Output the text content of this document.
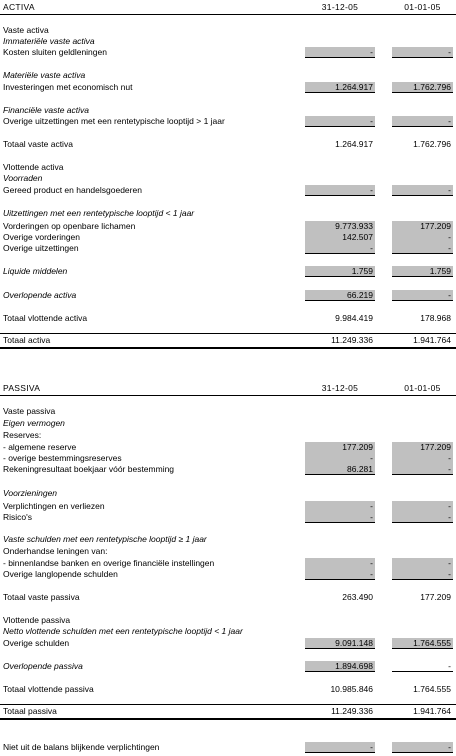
ACTIVA	31-12-05	01-01-05
Vaste activa
Immateriële vaste activa
Kosten sluiten geldleningen	-	-
Materiële vaste activa
Investeringen met economisch nut	1.264.917	1.762.796
Financiële vaste activa
Overige uitzettingen met een rentetypische looptijd > 1 jaar	-	-
Totaal vaste activa	1.264.917	1.762.796
Vlottende activa
Voorraden
Gereed product en handelsgoederen	-	-
Uitzettingen met een rentetypische looptijd < 1 jaar
Vorderingen op openbare lichamen	9.773.933	177.209
Overige vorderingen	142.507	-
Overige uitzettingen	-	-
Liquide middelen	1.759	1.759
Overlopende activa	66.219	-
Totaal vlottende activa	9.984.419	178.968
Totaal activa	11.249.336	1.941.764
PASSIVA	31-12-05	01-01-05
Vaste passiva
Eigen vermogen
Reserves:
- algemene reserve	177.209	177.209
- overige bestemmingsreserves	-	-
Rekeningresultaat boekjaar vóór bestemming	86.281	-
Voorzieningen
Verplichtingen en verliezen	-	-
Risico's	-	-
Vaste schulden met een rentetypische looptijd ≥ 1 jaar
Onderhandse leningen van:
- binnenlandse banken en overige financiële instellingen	-	-
Overige langlopende schulden	-	-
Totaal vaste passiva	263.490	177.209
Vlottende passiva
Netto vlottende schulden met een rentetypische looptijd < 1 jaar
Overige schulden	9.091.148	1.764.555
Overlopende passiva	1.894.698	-
Totaal vlottende passiva	10.985.846	1.764.555
Totaal passiva	11.249.336	1.941.764
Niet uit de balans blijkende verplichtingen	-	-
